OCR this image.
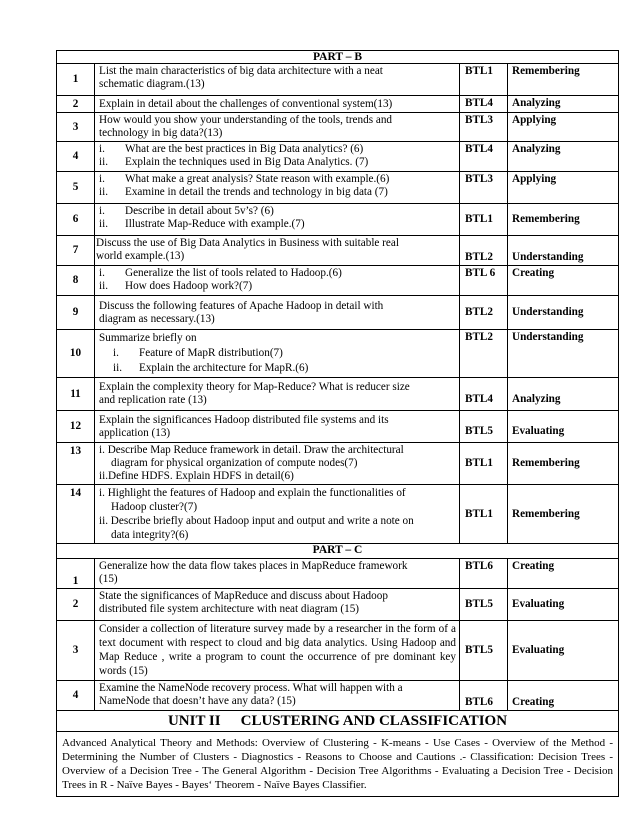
PART – B			
1	List the main characteristics of big data architecture with a neat
schematic diagram.(13)	BTL1	Remembering
2	Explain in detail about the challenges of conventional system(13)	BTL4	Analyzing
3	How would you show your understanding of the tools, trends and
technology in big data?(13)	BTL3	Applying
4	i. What are the best practices in Big Data analytics? (6)
ii. Explain the techniques used in Big Data Analytics. (7)	BTL4	Analyzing
5	i. What make a great analysis? State reason with example.(6)
ii. Examine in detail the trends and technology in big data (7)	BTL3	Applying
6	i. Describe in detail about 5v’s? (6)
ii. Illustrate Map-Reduce with example.(7)	BTL1	Remembering
7	Discuss the use of Big Data Analytics in Business with suitable real
world example.(13)	BTL2	Understanding
8	i. Generalize the list of tools related to Hadoop.(6)
ii. How does Hadoop work?(7)	BTL 6	Creating
9	Discuss the following features of Apache Hadoop in detail with
diagram as necessary.(13)	BTL2	Understanding
10	Summarize briefly on
i. Feature of MapR distribution(7)
ii. Explain the architecture for MapR.(6)	BTL2	Understanding
11	Explain the complexity theory for Map-Reduce? What is reducer size
and replication rate (13)	BTL4	Analyzing
12	Explain the significances Hadoop distributed file systems and its
application (13)	BTL5	Evaluating
13	i. Describe Map Reduce framework in detail. Draw the architectural
diagram for physical organization of compute nodes(7)
ii.Define HDFS. Explain HDFS in detail(6)	BTL1	Remembering
14	i. Highlight the features of Hadoop and explain the functionalities of
Hadoop cluster?(7)
ii. Describe briefly about Hadoop input and output and write a note on
data integrity?(6)	BTL1	Remembering
PART – C			
1	Generalize how the data flow takes places in MapReduce framework
(15)	BTL6	Creating
2	State the significances of MapReduce and discuss about Hadoop
distributed file system architecture with neat diagram (15)	BTL5	Evaluating
3	Consider a collection of literature survey made by a researcher in the form of a text document with respect to cloud and big data analytics. Using Hadoop and Map Reduce , write a program to count the occurrence of pre dominant key words (15)	BTL5	Evaluating
4	Examine the NameNode recovery process. What will happen with a
NameNode that doesn’t have any data? (15)	BTL6	Creating
UNIT II CLUSTERING AND CLASSIFICATION			
Advanced Analytical Theory and Methods: Overview of Clustering - K-means - Use Cases - Overview of the Method - Determining the Number of Clusters - Diagnostics - Reasons to Choose and Cautions .- Classification: Decision Trees - Overview of a Decision Tree - The General Algorithm - Decision Tree Algorithms - Evaluating a Decision Tree - Decision Trees in R - Naïve Bayes - Bayes‘ Theorem - Naïve Bayes Classifier.			
